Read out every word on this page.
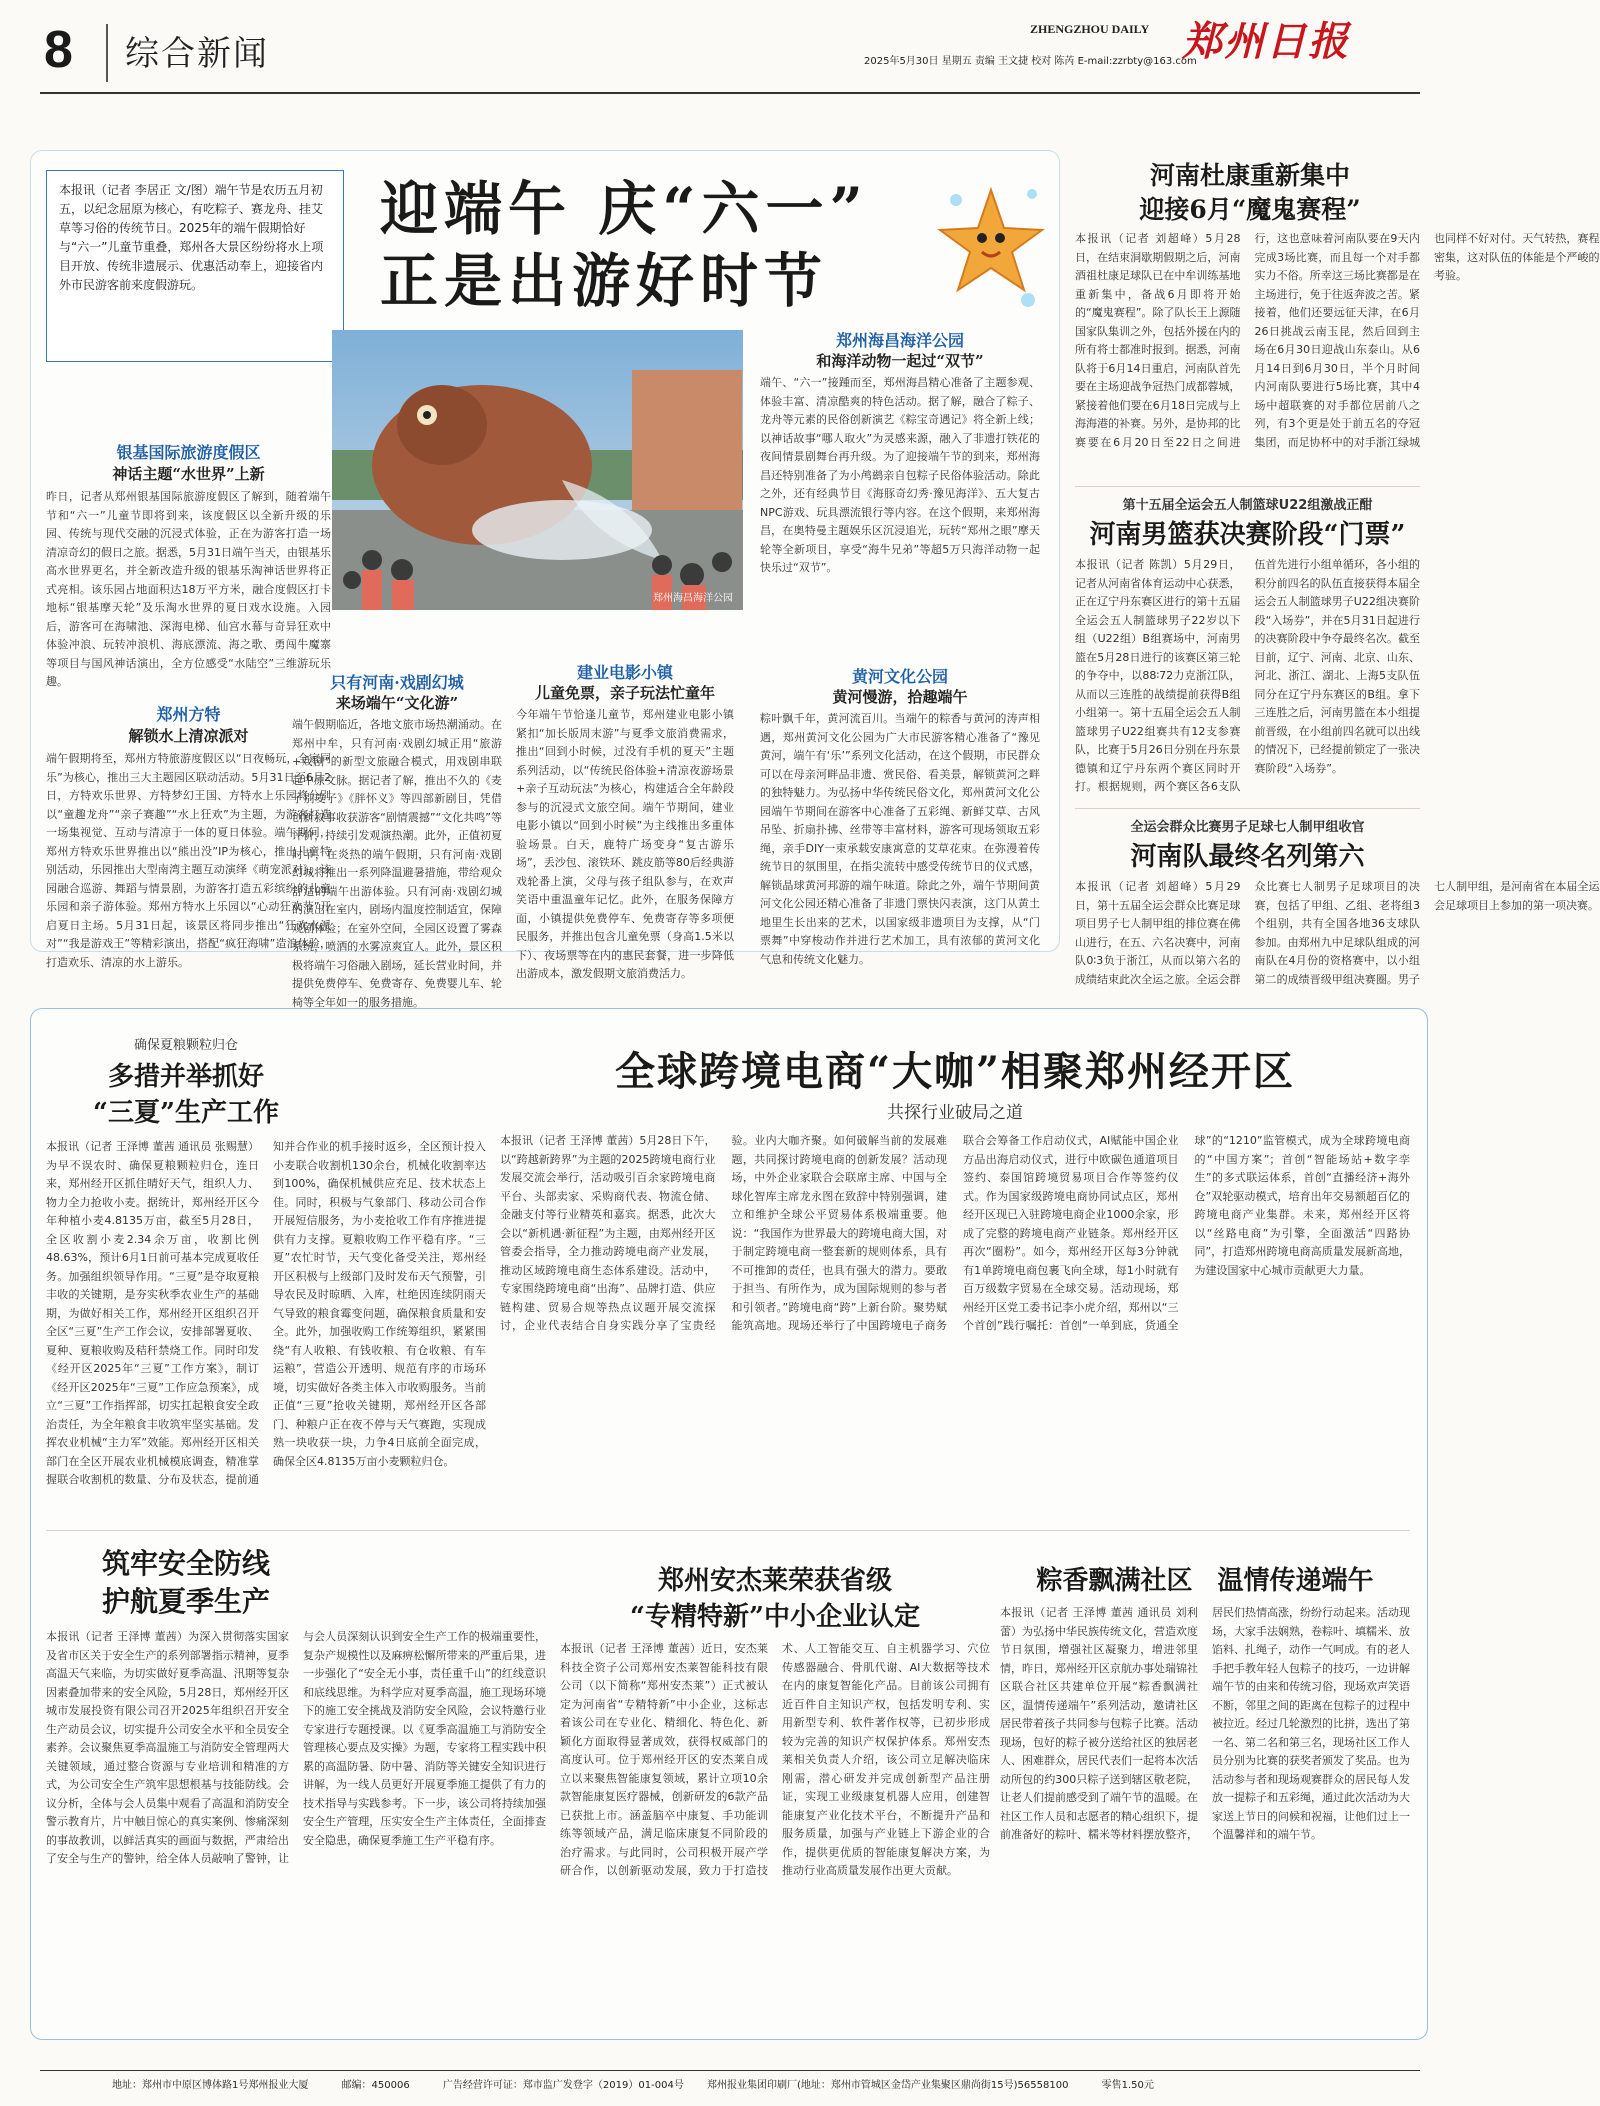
8 综合新闻
ZHENGZHOU DAILY 郑州日报
2025年5月30日 星期五 责编 王文捷 校对 陈芮 E-mail:zzrbty@163.com
本报讯（记者 李居正 文/图）端午节是农历五月初五，以纪念屈原为核心，有吃粽子、赛龙舟、挂艾草等习俗的传统节日。2025年的端午假期恰好与“六一”儿童节重叠，郑州各大景区纷纷将水上项目开放、传统非遗展示、优惠活动奉上，迎接省内外市民游客前来度假游玩。
迎端午 庆“六一”
正是出游好时节
郑州海昌海洋公园
银基国际旅游度假区
神话主题“水世界”上新
昨日，记者从郑州银基国际旅游度假区了解到，随着端午节和“六一”儿童节即将到来，该度假区以全新升级的乐园、传统与现代交融的沉浸式体验，正在为游客打造一场清凉奇幻的假日之旅。据悉，5月31日端午当天，由银基乐高水世界更名，并全新改造升级的银基乐淘神话世界将正式亮相。该乐园占地面积达18万平方米，融合度假区打卡地标“银基摩天轮”及乐淘水世界的夏日戏水设施。入园后，游客可在海啸池、深海电梯、仙宫水幕与奇异狂欢中体验冲浪、玩转冲浪机、海底漂流、海之歌、勇闯牛魔寨等项目与国风神话演出，全方位感受“水陆空”三维游玩乐趣。
郑州方特
解锁水上清凉派对
端午假期将至，郑州方特旅游度假区以“日夜畅玩，全家同乐”为核心，推出三大主题园区联动活动。5月31日至6月2日，方特欢乐世界、方特梦幻王国、方特水上乐园将分别以“童趣龙舟”“亲子赛趣”“水上狂欢”为主题，为游客打造一场集视觉、互动与清凉于一体的夏日体验。端午期间，郑州方特欢乐世界推出以“熊出没”IP为核心，推出儿童特别活动，乐园推出大型南湾主题互动演绎《萌宠派对》，该园融合巡游、舞蹈与情景剧，为游客打造五彩缤纷的儿童乐园和亲子游体验。郑州方特水上乐园以“心动狂欢节”开启夏日主场。5月31日起，该景区将同步推出“狂欢水派对”“我是游戏王”等精彩演出，搭配“疯狂海啸”造浪体验，打造欢乐、清凉的水上游乐。
只有河南·戏剧幻城
来场端午“文化游”
端午假期临近，各地文旅市场热潮涌动。在郑州中牟，只有河南·戏剧幻城正用“旅游+戏剧”的新型文旅融合模式，用戏剧串联起中原文脉。据记者了解，推出不久的《麦子别麦子》《胖怀义》等四部新剧目，凭借创新叙事收获游客“剧情震撼”“文化共鸣”等评价，持续引发观演热潮。此外，正值初夏时节，在炎热的端午假期，只有河南·戏剧幻城将推出一系列降温避暑措施，带给观众舒适的端午出游体验。只有河南·戏剧幻城的演出在室内，剧场内温度控制适宜，保障观剧体验；在室外空间，全园区设置了雾森系统，喷洒的水雾凉爽宜人。此外，景区积极将端午习俗融入剧场，延长营业时间，并提供免费停车、免费寄存、免费婴儿车、轮椅等全年如一的服务措施。
建业电影小镇
儿童免票，亲子玩法忙童年
今年端午节恰逢儿童节，郑州建业电影小镇紧扣“加长版周末游”与夏季文旅消费需求，推出“回到小时候，过没有手机的夏天”主题系列活动，以“传统民俗体验+清凉夜游场景+亲子互动玩法”为核心，构建适合全年龄段参与的沉浸式文旅空间。端午节期间，建业电影小镇以“回到小时候”为主线推出多重体验场景。白天，鹿特广场变身“复古游乐场”，丢沙包、滚铁环、跳皮筋等80后经典游戏轮番上演，父母与孩子组队参与，在欢声笑语中重温童年记忆。此外，在服务保障方面，小镇提供免费停车、免费寄存等多项便民服务，并推出包含儿童免票（身高1.5米以下）、夜场票等在内的惠民套餐，进一步降低出游成本，激发假期文旅消费活力。
郑州海昌海洋公园
和海洋动物一起过“双节”
端午、“六一”接踵而至，郑州海昌精心准备了主题参观、体验丰富、清凉酷爽的特色活动。据了解，融合了粽子、龙舟等元素的民俗创新演艺《粽宝奇遇记》将全新上线；以神话故事“哪人取火”为灵感来源，融入了非遗打铁花的夜间情景剧舞台再升级。为了迎接端午节的到来，郑州海昌还特别准备了为小鸬鹚亲自包粽子民俗体验活动。除此之外，还有经典节目《海豚奇幻秀·豫见海洋》、五大复古NPC游戏、玩具漂流银行等内容。在这个假期，来郑州海昌，在奥特曼主题娱乐区沉浸追光，玩转“郑州之眼”摩天轮等全新项目，享受“海牛兄弟”等超5万只海洋动物一起快乐过“双节”。
黄河文化公园
黄河慢游，拾趣端午
粽叶飘千年，黄河流百川。当端午的粽香与黄河的涛声相遇，郑州黄河文化公园为广大市民游客精心准备了“豫见黄河，端午有‘乐’”系列文化活动，在这个假期，市民群众可以在母亲河畔品非遗、赏民俗、看美景，解锁黄河之畔的独特魅力。为弘扬中华传统民俗文化，郑州黄河文化公园端午节期间在游客中心准备了五彩绳、新鲜艾草、古风吊坠、折扇扑拂、丝带等丰富材料，游客可现场领取五彩绳，亲手DIY一束承载安康寓意的艾草花束。在弥漫着传统节日的氛围里，在指尖流转中感受传统节日的仪式感，解锁晶球黄河邦游的端午味道。除此之外，端午节期间黄河文化公园还精心准备了非遗门票快闪表演，这门从黄土地里生长出来的艺术，以国家级非遗项目为支撑，从“门票舞”中穿梭动作并进行艺术加工，具有浓郁的黄河文化气息和传统文化魅力。
河南杜康重新集中
迎接6月“魔鬼赛程”
本报讯（记者 刘超峰）5月28日，在结束洞歇期假期之后，河南酒祖杜康足球队已在中牟训练基地重新集中，备战6月即将开始的“魔鬼赛程”。除了队长王上源随国家队集训之外，包括外援在内的所有将士都准时报到。据悉，河南队将于6月14日重启，河南队首先要在主场迎战争冠热门成都蓉城，紧接着他们要在6月18日完成与上海海港的补赛。另外，是协邦的比赛要在6月20日至22日之间进行，这也意味着河南队要在9天内完成3场比赛，而且每一个对手都实力不俗。所幸这三场比赛都是在主场进行，免于往返奔波之苦。紧接着，他们还要远征天津，在6月26日挑战云南玉昆，然后回到主场在6月30日迎战山东泰山。从6月14日到6月30日，半个月时间内河南队要进行5场比赛，其中4场中超联赛的对手都位居前八之列，有3个更是处于前五名的夺冠集团，而足协杯中的对手浙江绿城也同样不好对付。天气转热，赛程密集，这对队伍的体能是个严峻的考验。
第十五届全运会五人制篮球U22组激战正酣
河南男篮获决赛阶段“门票”
本报讯（记者 陈凯）5月29日，记者从河南省体育运动中心获悉，正在辽宁丹东赛区进行的第十五届全运会五人制篮球男子22岁以下组（U22组）B组赛场中，河南男篮在5月28日进行的该赛区第三轮的争夺中，以88∶72力克浙江队，从而以三连胜的战绩提前获得B组小组第一。第十五届全运会五人制篮球男子U22组赛共有12支参赛队，比赛于5月26日分别在丹东景德镇和辽宁丹东两个赛区同时开打。根据规则，两个赛区各6支队伍首先进行小组单循环，各小组的积分前四名的队伍直接获得本届全运会五人制篮球男子U22组决赛阶段“入场券”，并在5月31日起进行的决赛阶段中争夺最终名次。截至目前，辽宁、河南、北京、山东、河北、浙江、湖北、上海5支队伍同分在辽宁丹东赛区的B组。拿下三连胜之后，河南男篮在本小组提前晋级，在小组前四名就可以出线的情况下，已经提前锁定了一张决赛阶段“入场券”。
全运会群众比赛男子足球七人制甲组收官
河南队最终名列第六
本报讯（记者 刘超峰）5月29日，第十五届全运会群众比赛足球项目男子七人制甲组的排位赛在佛山进行，在五、六名决赛中，河南队0∶3负于浙江，从而以第六名的成绩结束此次全运之旅。全运会群众比赛七人制男子足球项目的决赛，包括了甲组、乙组、老将组3个组别，共有全国各地36支球队参加。由郑州九中足球队组成的河南队在4月份的资格赛中，以小组第二的成绩晋级甲组决赛圈。男子七人制甲组，是河南省在本届全运会足球项目上参加的第一项决赛。
确保夏粮颗粒归仓
多措并举抓好
“三夏”生产工作
本报讯（记者 王泽博 董茜 通讯员 张赐慧）为早不误农时、确保夏粮颗粒归仓，连日来，郑州经开区抓住晴好天气，组织人力、物力全力抢收小麦。据统计，郑州经开区今年种植小麦4.8135万亩，截至5月28日，全区收割小麦2.34余万亩，收割比例48.63%，预计6月1日前可基本完成夏收任务。加强组织领导作用。“三夏”是夺取夏粮丰收的关键期，是夯实秋季农业生产的基础期，为做好相关工作，郑州经开区组织召开全区“三夏”生产工作会议，安排部署夏收、夏种、夏粮收购及秸秆禁烧工作。同时印发《经开区2025年“三夏”工作方案》，制订《经开区2025年“三夏”工作应急预案》，成立“三夏”工作指挥部，切实扛起粮食安全政治责任，为全年粮食丰收筑牢坚实基础。发挥农业机械“主力军”效能。郑州经开区相关部门在全区开展农业机械模底调查，精准掌握联合收割机的数量、分布及状态，提前通知并合作业的机手接时返乡，全区预计投入小麦联合收割机130余台，机械化收割率达到100%，确保机械供应充足、技术状态上佳。同时，积极与气象部门、移动公司合作开展短信服务，为小麦抢收工作有序推进提供有力支撑。夏粮收购工作平稳有序。“三夏”农忙时节，天气变化备受关注，郑州经开区积极与上级部门及时发布天气预警，引导农民及时晾晒、入库，杜绝因连续阴雨天气导致的粮食霉变问题，确保粮食质量和安全。此外，加强收购工作统筹组织，紧紧围绕“有人收粮、有钱收粮、有仓收粮、有车运粮”，营造公开透明、规范有序的市场环境，切实做好各类主体入市收购服务。当前正值“三夏”抢收关键期，郑州经开区各部门、种粮户正在夜不停与天气赛跑，实现成熟一块收获一块，力争4日底前全面完成，确保全区4.8135万亩小麦颗粒归仓。
全球跨境电商“大咖”相聚郑州经开区
共探行业破局之道
本报讯（记者 王泽博 董茜）5月28日下午，以“跨越新跨界”为主题的2025跨境电商行业发展交流会举行，活动吸引百余家跨境电商平台、头部卖家、采购商代表、物流仓储、金融支付等行业精英和嘉宾。据悉，此次大会以“新机遇·新征程”为主题，由郑州经开区管委会指导，全力推动跨境电商产业发展，推动区域跨境电商生态体系建设。活动中，专家围绕跨境电商“出海”、品牌打造、供应链构建、贸易合规等热点议题开展交流探讨，企业代表结合自身实践分享了宝贵经验。业内大咖齐聚。如何破解当前的发展难题，共同探讨跨境电商的创新发展？活动现场，中外企业家联合会联席主席、中国与全球化智库主席龙永图在致辞中特别强调，建立和维护全球公平贸易体系极端重要。他说：“我国作为世界最大的跨境电商大国，对于制定跨境电商一整套新的规则体系，具有不可推卸的责任，也具有强大的潜力。要敢于担当、有所作为，成为国际规则的参与者和引领者。”跨境电商“跨”上新台阶。聚势赋能筑高地。现场还举行了中国跨境电子商务联合会筹备工作启动仪式，AI赋能中国企业方品出海启动仪式，进行中欧碳色通道项目签约、泰国馆跨境贸易项目合作等签约仪式。作为国家级跨境电商协同试点区，郑州经开区现已入驻跨境电商企业1000余家，形成了完整的跨境电商产业链条。郑州经开区再次“圈粉”。如今，郑州经开区每3分钟就有1单跨境电商包裹飞向全球，每1小时就有百万级数字贸易在全球交易。活动现场，郑州经开区党工委书记李小虎介绍，郑州以“三个首创”践行嘱托：首创“一单到底，货通全球”的“1210”监管模式，成为全球跨境电商的“中国方案”；首创“智能场站+数字孪生”的多式联运体系，首创“直播经济+海外仓”双轮驱动模式，培育出年交易额超百亿的跨境电商产业集群。未来，郑州经开区将以“丝路电商”为引擎，全面激活“四路协同”，打造郑州跨境电商高质量发展新高地，为建设国家中心城市贡献更大力量。
筑牢安全防线
护航夏季生产
本报讯（记者 王泽博 董茜）为深入贯彻落实国家及省市区关于安全生产的系列部署指示精神，夏季高温天气来临，为切实做好夏季高温、汛期等复杂因素叠加带来的安全风险，5月28日，郑州经开区城市发展投资有限公司召开2025年组织召开安全生产动员会议，切实提升公司安全水平和全员安全素养。会议聚焦夏季高温施工与消防安全管理两大关键领域，通过整合资源与专业培训和精准的方式，为公司安全生产筑牢思想根基与技能防线。会议分析，全体与会人员集中观看了高温和消防安全警示教育片，片中触目惊心的真实案例、惨痛深刻的事故教训，以鲜活真实的画面与数据，严肃给出了安全与生产的警钟，给全体人员敲响了警钟，让与会人员深刻认识到安全生产工作的极端重要性，复杂产规模性以及麻痹松懈所带来的严重后果，进一步强化了“安全无小事，责任重千山”的红线意识和底线思维。为科学应对夏季高温，施工现场环境下的施工安全挑战及消防安全风险，会议特邀行业专家进行专题授课。以《夏季高温施工与消防安全管理核心要点及实操》为题，专家将工程实践中积累的高温防暑、防中暑、消防等关键安全知识进行讲解，为一线人员更好开展夏季施工提供了有力的技术指导与实践参考。下一步，该公司将持续加强安全生产管理，压实安全生产主体责任，全面排查安全隐患，确保夏季施工生产平稳有序。
郑州安杰莱荣获省级
“专精特新”中小企业认定
本报讯（记者 王泽博 董茜）近日，安杰莱科技全资子公司郑州安杰莱智能科技有限公司（以下简称“郑州安杰莱”）正式被认定为河南省“专精特新”中小企业，这标志着该公司在专业化、精细化、特色化、新颖化方面取得显著成效，获得权威部门的高度认可。位于郑州经开区的安杰莱自成立以来聚焦智能康复领域，累计立项10余款智能康复医疗器械，创新研发的6款产品已获批上市。涵盖脑卒中康复、手功能训练等领域产品，满足临床康复不同阶段的治疗需求。与此同时，公司积极开展产学研合作，以创新驱动发展，致力于打造技术、人工智能交互、自主机器学习、穴位传感器融合、骨肌代谢、AI大数据等技术在内的康复智能化产品。目前该公司拥有近百件自主知识产权，包括发明专利、实用新型专利、软件著作权等，已初步形成较为完善的知识产权保护体系。郑州安杰莱相关负责人介绍，该公司立足解决临床刚需，潜心研发并完成创新型产品注册证，实现工业级康复机器人应用，创建智能康复产业化技术平台，不断提升产品和服务质量，加强与产业链上下游企业的合作，提供更优质的智能康复解决方案，为推动行业高质量发展作出更大贡献。
粽香飘满社区 温情传递端午
本报讯（记者 王泽博 董茜 通讯员 刘利蕾）为弘扬中华民族传统文化，营造欢度节日氛围，增强社区凝聚力，增进邻里情，昨日，郑州经开区京航办事处瑞锦社区联合社区共建单位开展“粽香飘满社区，温情传递端午”系列活动，邀请社区居民带着孩子共同参与包粽子比赛。活动现场，包好的粽子被分送给社区的独居老人、困难群众，居民代表们一起将本次活动所包的约300只粽子送到辖区敬老院，让老人们提前感受到了端午节的温暖。在社区工作人员和志愿者的精心组织下，提前准备好的粽叶、糯米等材料摆放整齐，居民们热情高涨，纷纷行动起来。活动现场，大家手法娴熟，卷粽叶、填糯米、放馅料、扎绳子，动作一气呵成。有的老人手把手教年轻人包粽子的技巧，一边讲解端午节的由来和传统习俗，现场欢声笑语不断，邻里之间的距离在包粽子的过程中被拉近。经过几轮激烈的比拼，选出了第一名、第二名和第三名，现场社区工作人员分别为比赛的获奖者颁发了奖品。也为活动参与者和现场观赛群众的居民每人发放一提粽子和五彩绳，通过此次活动为大家送上节日的问候和祝福，让他们过上一个温馨祥和的端午节。
地址：郑州市中原区博体路1号郑州报业大厦	邮编：450006	广告经营许可证：郑市监广发登字（2019）01-004号 郑州报业集团印刷厂(地址：郑州市管城区金岱产业集聚区鼎尚街15号)56558100	零售1.50元
